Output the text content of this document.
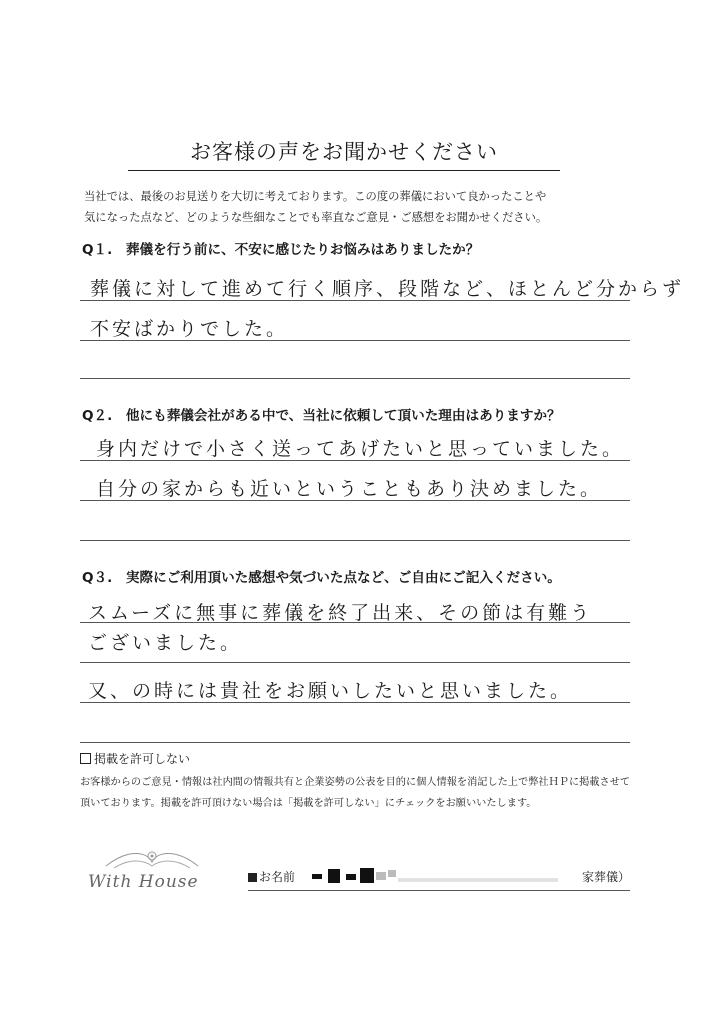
お客様の声をお聞かせください
当社では、最後のお見送りを大切に考えております。この度の葬儀において良かったことや
気になった点など、どのような些細なことでも率直なご意見・ご感想をお聞かせください。
Q１.　葬儀を行う前に、不安に感じたりお悩みはありましたか？
葬儀に対して進めて行く順序、段階など、ほとんど分からず
不安ばかりでした。
Q２.　他にも葬儀会社がある中で、当社に依頼して頂いた理由はありますか？
身内だけで小さく送ってあげたいと思っていました。
自分の家からも近いということもあり決めました。
Q３.　実際にご利用頂いた感想や気づいた点など、ご自由にご記入ください。
スムーズに無事に葬儀を終了出来、その節は有難う
ございました。
又、の時には貴社をお願いしたいと思いました。
掲載を許可しない
お客様からのご意見・情報は社内間の情報共有と企業姿勢の公表を目的に個人情報を消記した上で弊社ＨＰに掲載させて
頂いております。掲載を許可頂けない場合は「掲載を許可しない」にチェックをお願いいたします。
With House	お名前	家葬儀）
